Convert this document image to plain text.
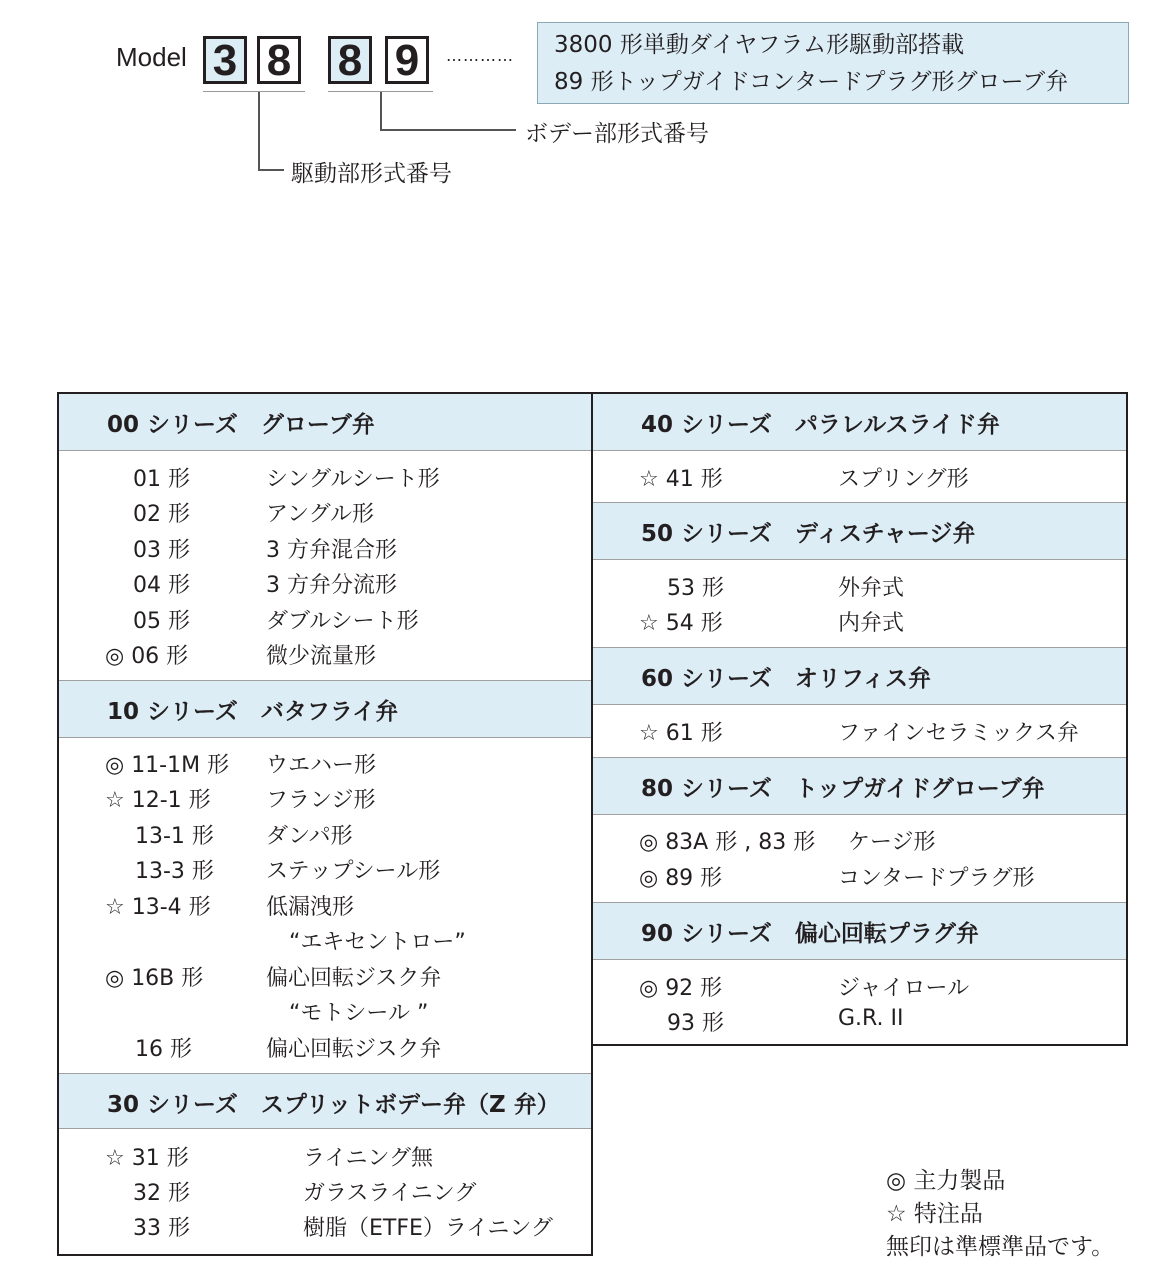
Model 3 8 8 9	………… 3800 形単動ダイヤフラム形駆動部搭載
89 形トップガイドコンタードプラグ形グローブ弁
ボデー部形式番号
駆動部形式番号
00 シリーズ　グローブ弁
01 形	シングルシート形
02 形	アングル形
03 形	3 方弁混合形
04 形	3 方弁分流形
05 形	ダブルシート形
◎ 06 形	微少流量形
10 シリーズ　バタフライ弁
◎ 11-1M 形 ウエハー形
☆ 12-1 形	フランジ形
13-1 形 ダンパ形
13-3 形 ステップシール形
☆ 13-4 形	低漏洩形
“エキセントロー”
◎ 16B 形	偏心回転ジスク弁
“モトシール ”
16 形	偏心回転ジスク弁
30 シリーズ　スプリットボデー弁（Z 弁）
☆ 31 形	ライニング無
32 形	ガラスライニング
33 形	樹脂（ETFE）ライニング
40 シリーズ　パラレルスライド弁
☆ 41 形	スプリング形
50 シリーズ　ディスチャージ弁
53 形	外弁式
☆ 54 形	内弁式
60 シリーズ　オリフィス弁
☆ 61 形	ファインセラミックス弁
80 シリーズ　トップガイドグローブ弁
◎ 83A 形 , 83 形 ケージ形
◎ 89 形	コンタードプラグ形
90 シリーズ　偏心回転プラグ弁
◎ 92 形	ジャイロール
93 形	G.R. II
◎ 主力製品
☆ 特注品
無印は準標準品です。
